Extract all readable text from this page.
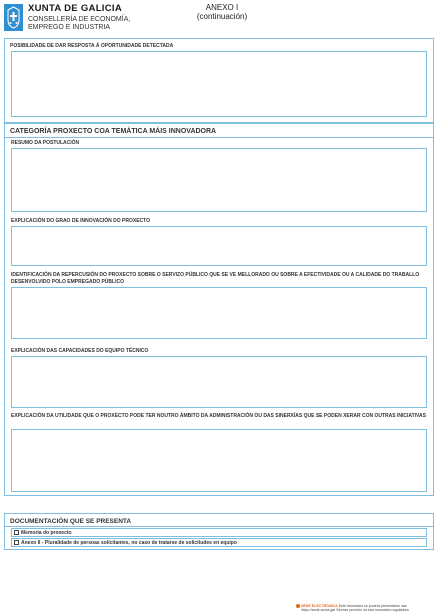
XUNTA DE GALICIA
CONSELLERÍA DE ECONOMÍA,
EMPREGO E INDUSTRIA
ANEXO I
(continuación)
POSIBILIDADE DE DAR RESPOSTA Á OPORTUNIDADE DETECTADA
CATEGORÍA PROXECTO COA TEMÁTICA MÁIS INNOVADORA
RESUMO DA POSTULACIÓN
EXPLICACIÓN DO GRAO DE INNOVACIÓN DO PROXECTO
IDENTIFICACIÓN DA REPERCUSIÓN DO PROXECTO SOBRE O SERVIZO PÚBLICO QUE SE VE MELLORADO OU SOBRE A EFECTIVIDADE OU A CALIDADE DO TRABALLO DESENVOLVIDO POLO EMPREGADO PÚBLICO
EXPLICACIÓN DAS CAPACIDADES DO EQUIPO TÉCNICO
EXPLICACIÓN DA UTILIDADE QUE O PROXECTO PODE TER NOUTRO ÁMBITO DA ADMINISTRACIÓN OU DAS SINERXÍAS QUE SE PODEN XERAR CON OUTRAS INICIATIVAS
DOCUMENTACIÓN QUE SE PRESENTA
Memoria do proxecto
Anexo II - Pluralidade de persoas solicitantes, no caso de tratarse de solicitudes en equipo
SEDE ELECTRÓNICA Este formulario só poderá presentarse nas
https://sede.xunta.gal Sinrese previsto na súa normativa reguladora
